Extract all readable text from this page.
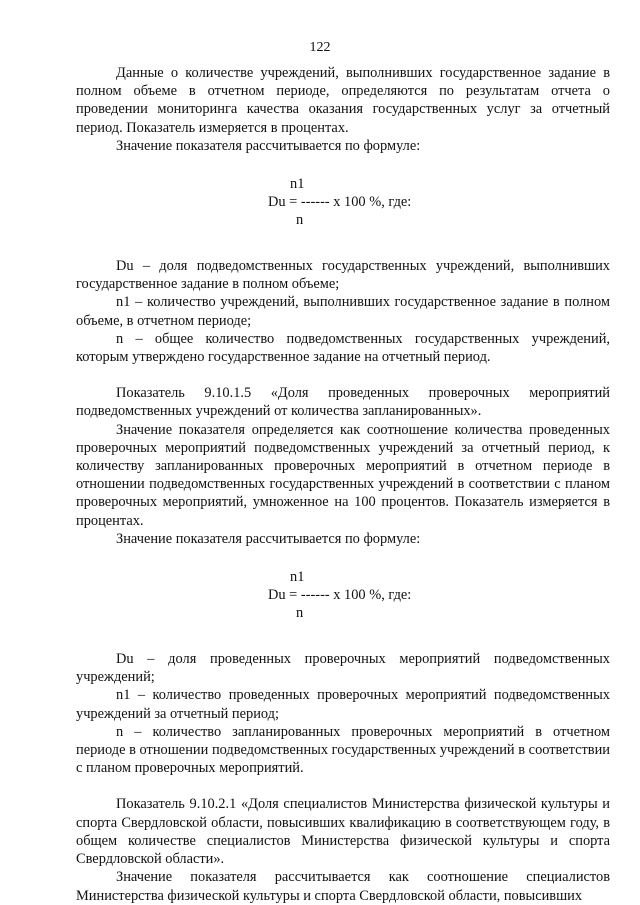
122

Данные о количестве учреждений, выполнивших государственное задание в полном объеме в отчетном периоде, определяются по результатам отчета о проведении мониторинга качества оказания государственных услуг за отчетный период. Показатель измеряется в процентах.

Значение показателя рассчитывается по формуле:

n1
Du = ------ x 100 %, где:
n

Du – доля подведомственных государственных учреждений, выполнивших государственное задание в полном объеме;

n1 – количество учреждений, выполнивших государственное задание в полном объеме, в отчетном периоде;

n – общее количество подведомственных государственных учреждений, которым утверждено государственное задание на отчетный период.

Показатель 9.10.1.5 «Доля проведенных проверочных мероприятий подведомственных учреждений от количества запланированных».

Значение показателя определяется как соотношение количества проведенных проверочных мероприятий подведомственных учреждений за отчетный период, к количеству запланированных проверочных мероприятий в отчетном периоде в отношении подведомственных государственных учреждений в соответствии с планом проверочных мероприятий, умноженное на 100 процентов. Показатель измеряется в процентах.

Значение показателя рассчитывается по формуле:

n1
Du = ------ x 100 %, где:
n

Du – доля проведенных проверочных мероприятий подведомственных учреждений;

n1 – количество проведенных проверочных мероприятий подведомственных учреждений за отчетный период;

n – количество запланированных проверочных мероприятий в отчетном периоде в отношении подведомственных государственных учреждений в соответствии с планом проверочных мероприятий.

Показатель 9.10.2.1 «Доля специалистов Министерства физической культуры и спорта Свердловской области, повысивших квалификацию в соответствующем году, в общем количестве специалистов Министерства физической культуры и спорта Свердловской области».

Значение показателя рассчитывается как соотношение специалистов Министерства физической культуры и спорта Свердловской области, повысивших
